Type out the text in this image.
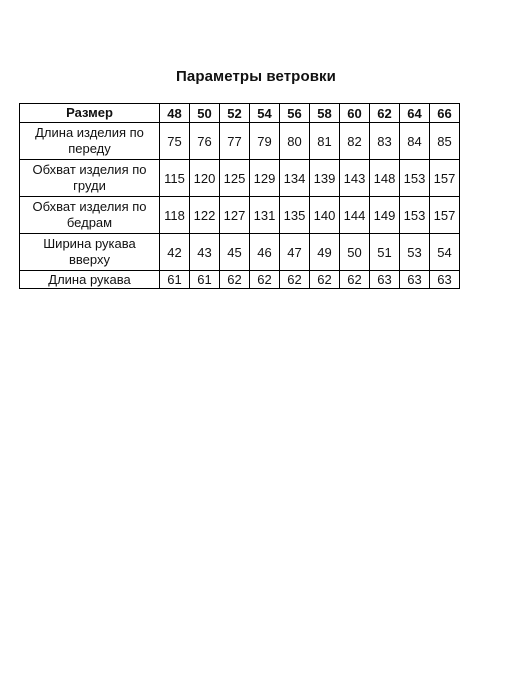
Параметры ветровки
Размер	48	50	52	54	56	58	60	62	64	66
Длина изделия по переду	75	76	77	79	80	81	82	83	84	85
Обхват изделия по груди	115	120	125	129	134	139	143	148	153	157
Обхват изделия по бедрам	118	122	127	131	135	140	144	149	153	157
Ширина рукава вверху	42	43	45	46	47	49	50	51	53	54
Длина рукава	61	61	62	62	62	62	62	63	63	63
